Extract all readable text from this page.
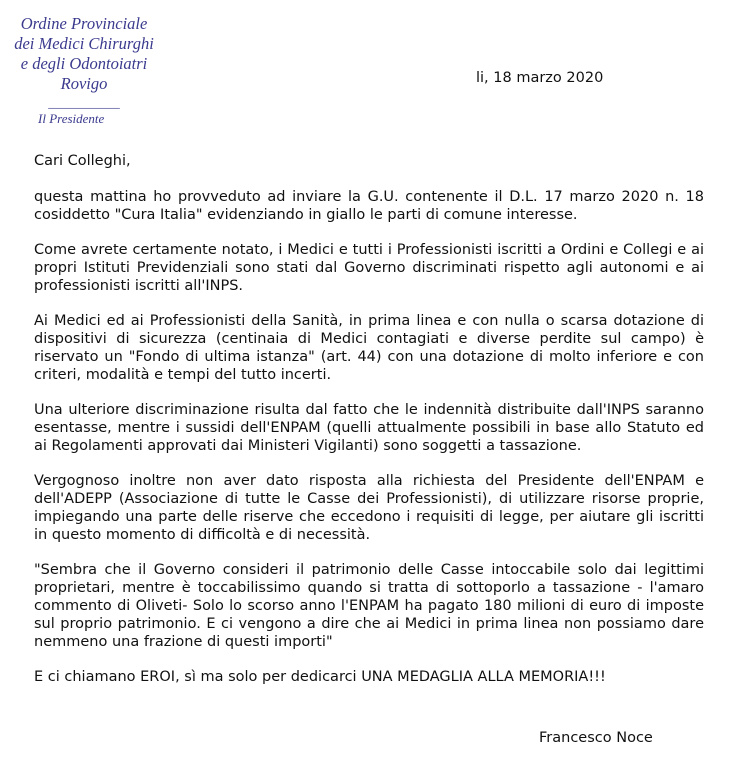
Ordine Provinciale
dei Medici Chirurghi
e degli Odontoiatri
Rovigo
___________
Il Presidente
li, 18 marzo 2020

Cari Colleghi,

questa mattina ho provveduto ad inviare la G.U. contenente il D.L. 17 marzo 2020 n. 18 cosiddetto "Cura Italia" evidenziando in giallo le parti di comune interesse.

Come avrete certamente notato, i Medici e tutti i Professionisti iscritti a Ordini e Collegi e ai propri Istituti Previdenziali sono stati dal Governo discriminati rispetto agli autonomi e ai professionisti iscritti all'INPS.

Ai Medici ed ai Professionisti della Sanità, in prima linea e con nulla o scarsa dotazione di dispositivi di sicurezza (centinaia di Medici contagiati e diverse perdite sul campo) è riservato un "Fondo di ultima istanza" (art. 44) con una dotazione di molto inferiore e con criteri, modalità e tempi del tutto incerti.

Una ulteriore discriminazione risulta dal fatto che le indennità distribuite dall'INPS saranno esentasse, mentre i sussidi dell'ENPAM (quelli attualmente possibili in base allo Statuto ed ai Regolamenti approvati dai Ministeri Vigilanti) sono soggetti a tassazione.

Vergognoso inoltre non aver dato risposta alla richiesta del Presidente dell'ENPAM e dell'ADEPP (Associazione di tutte le Casse dei Professionisti), di utilizzare risorse proprie, impiegando una parte delle riserve che eccedono i requisiti di legge, per aiutare gli iscritti in questo momento di difficoltà e di necessità.

"Sembra che il Governo consideri il patrimonio delle Casse intoccabile solo dai legittimi proprietari, mentre è toccabilissimo quando si tratta di sottoporlo a tassazione - l'amaro commento di Oliveti- Solo lo scorso anno l'ENPAM ha pagato 180 milioni di euro di imposte sul proprio patrimonio. E ci vengono a dire che ai Medici in prima linea non possiamo dare nemmeno una frazione di questi importi"

E ci chiamano EROI, sì ma solo per dedicarci UNA MEDAGLIA ALLA MEMORIA!!!

Francesco Noce
